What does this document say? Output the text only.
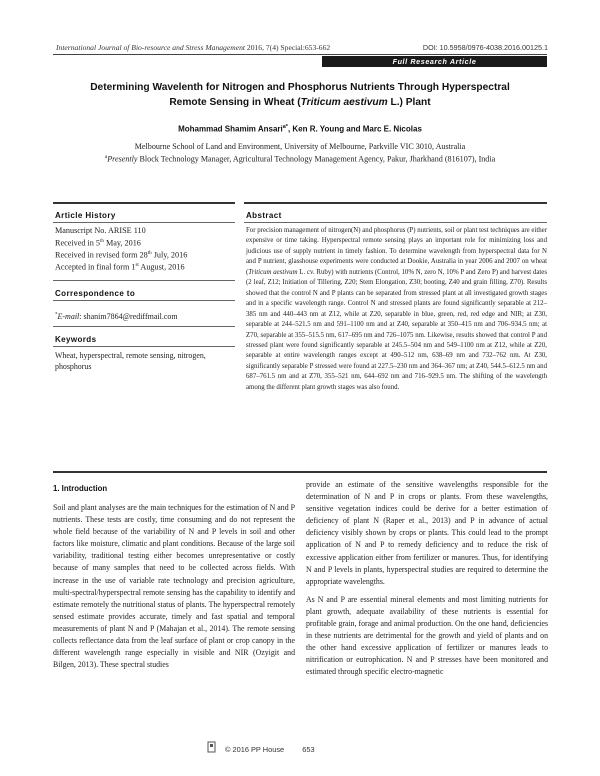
International Journal of Bio-resource and Stress Management 2016, 7(4) Special:653-662	DOI: 10.5958/0976-4038.2016.00125.1
Full Research Article
Determining Wavelenth for Nitrogen and Phosphorus Nutrients Through Hyperspectral
Remote Sensing in Wheat (Triticum aestivum L.) Plant
Mohammad Shamim Ansari$^{a*}$, Ken R. Young and Marc E. Nicolas
Melbourne School of Land and Environment, University of Melbourne, Parkville VIC 3010, Australia
$^a$Presently Block Technology Manager, Agricultural Technology Management Agency, Pakur, Jharkhand (816107), India
Article History
Manuscript No. ARISE 110
Received in 5th May, 2016
Received in revised form 28th July, 2016
Accepted in final form 1st August, 2016
Correspondence to
*E-mail: shanim7864@rediffmail.com
Keywords
Wheat, hyperspectral, remote sensing, nitrogen, phosphorus
Abstract
For precision management of nitrogen(N) and phosphorus (P) nutrients, soil or plant test techniques are either expensive or time taking. Hyperspectral remote sensing plays an important role for minimizing loss and judicious use of supply nutrient in timely fashion. To determine wavelength from hyperspectral data for N and P nutrient, glasshouse experiments were conducted at Dookie, Australia in year 2006 and 2007 on wheat (Triticum aestivum L. cv. Ruby) with nutrients (Control, 10% N, zero N, 10% P and Zero P) and harvest dates (2 leaf, Z12; Initiation of Tillering, Z20; Stem Elongation, Z30; booting, Z40 and grain filling, Z70). Results showed that the control N and P plants can be separated from stressed plant at all investigated growth stages and in a specific wavelength range. Control N and stressed plants are found significantly separable at 212–385 nm and 440–443 nm at Z12, while at Z20, separable in blue, green, red, red edge and NIR; at Z30, separable at 244–521.5 nm and 591–1100 nm and at Z40, separable at 350–415 nm and 706–934.5 nm; at Z70, separable at 355–515.5 nm, 617–695 nm and 726–1075 nm. Likewise, results showed that control P and stressed plant were found significantly separable at 245.5–504 nm and 549–1100 nm at Z12, while at Z20, separable at entire wavelength ranges except at 490–512 nm, 638–69 nm and 732–762 nm. At Z30, significantly separable P stressed were found at 227.5–230 nm and 364–367 nm; at Z40, 544.5–612.5 nm and 687–761.5 nm and at Z70, 355–521 nm, 644–692 nm and 716–929.5 nm. The shifting of the wavelength among the different plant growth stages was also found.
1. Introduction

Soil and plant analyses are the main techniques for the estimation of N and P nutrients. These tests are costly, time consuming and do not represent the whole field because of the variability of N and P levels in soil and other factors like moisture, climatic and plant conditions. Because of the large soil variability, traditional testing either becomes unrepresentative or costly because of many samples that need to be collected across fields. With increase in the use of variable rate technology and precision agriculture, multi-spectral/hyperspectral remote sensing has the capability to identify and estimate remotely the nutritional status of plants. The hyperspectral remotely sensed estimate provides accurate, timely and fast spatial and temporal measurements of plant N and P (Mahajan et al., 2014). The remote sensing collects reflectance data from the leaf surface of plant or crop canopy in the different wavelength range especially in visible and NIR (Ozyigit and Bilgen, 2013). These spectral studies

provide an estimate of the sensitive wavelengths responsible for the determination of N and P in crops or plants. From these wavelengths, sensitive vegetation indices could be derive for a better estimation of deficiency of plant N (Raper et al., 2013) and P in advance of actual deficiency visibly shown by crops or plants. This could lead to the prompt application of N and P to remedy deficiency and to reduce the risk of excessive application either from fertilizer or manures. Thus, for identifying N and P levels in plants, hyperspectral studies are required to determine the appropriate wavelengths.

As N and P are essential mineral elements and most limiting nutrients for plant growth, adequate availability of these nutrients is essential for profitable grain, forage and animal production. On the one hand, deficiencies in these nutrients are detrimental for the growth and yield of plants and on the other hand excessive application of fertilizer or manures leads to nitrification or eutrophication. N and P stresses have been monitored and estimated through specific electro-magnetic

© 2016 PP House 653
